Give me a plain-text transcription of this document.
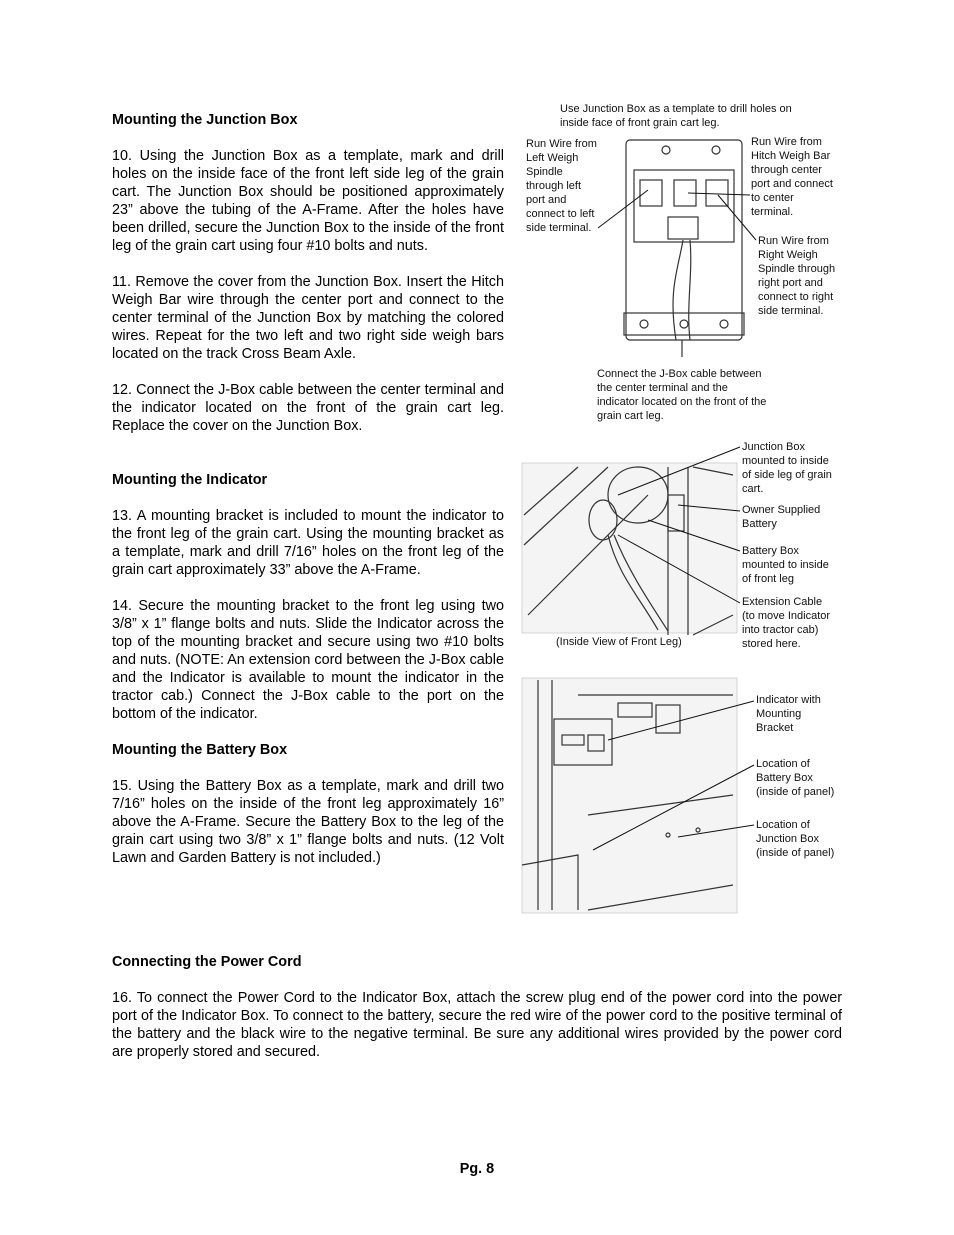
Mounting the Junction Box

10. Using the Junction Box as a template, mark and drill holes on the inside face of the front left side leg of the grain cart. The Junction Box should be positioned approximately 23” above the tubing of the A-Frame. After the holes have been drilled, secure the Junction Box to the inside of the front leg of the grain cart using four #10 bolts and nuts.

11. Remove the cover from the Junction Box. Insert the Hitch Weigh Bar wire through the center port and connect to the center terminal of the Junction Box by matching the colored wires. Repeat for the two left and two right side weigh bars located on the track Cross Beam Axle.

12. Connect the J-Box cable between the center terminal and the indicator located on the front of the grain cart leg. Replace the cover on the Junction Box.

Mounting the Indicator

13. A mounting bracket is included to mount the indicator to the front leg of the grain cart. Using the mounting bracket as a template, mark and drill 7/16” holes on the front leg of the grain cart approximately 33” above the A-Frame.

14. Secure the mounting bracket to the front leg using two 3/8” x 1” flange bolts and nuts. Slide the Indicator across the top of the mounting bracket and secure using two #10 bolts and nuts. (NOTE: An extension cord between the J-Box cable and the Indicator is available to mount the indicator in the tractor cab.) Connect the J-Box cable to the port on the bottom of the indicator.

Mounting the Battery Box

15. Using the Battery Box as a template, mark and drill two 7/16” holes on the inside of the front leg approximately 16” above the A-Frame. Secure the Battery Box to the leg of the grain cart using two 3/8” x 1” flange bolts and nuts. (12 Volt Lawn and Garden Battery is not included.)

Connecting the Power Cord

16. To connect the Power Cord to the Indicator Box, attach the screw plug end of the power cord into the power port of the Indicator Box. To connect to the battery, secure the red wire of the power cord to the positive terminal of the battery and the black wire to the negative terminal. Be sure any additional wires provided by the power cord are properly stored and secured.

Use Junction Box as a template to drill holes on
inside face of front grain cart leg.
Run Wire from
Left Weigh
Spindle
through left
port and
connect to left
side terminal.
Run Wire from
Hitch Weigh Bar
through center
port and connect
to center
terminal.
Run Wire from
Right Weigh
Spindle through
right port and
connect to right
side terminal.
Connect the J-Box cable between
the center terminal and the
indicator located on the front of the
grain cart leg.
(Inside View of Front Leg)
Junction Box
mounted to inside
of side leg of grain
cart.
Owner Supplied
Battery
Battery Box
mounted to inside
of front leg
Extension Cable
(to move Indicator
into tractor cab)
stored here.
Indicator with
Mounting
Bracket
Location of
Battery Box
(inside of panel)
Location of
Junction Box
(inside of panel)
Pg. 8
